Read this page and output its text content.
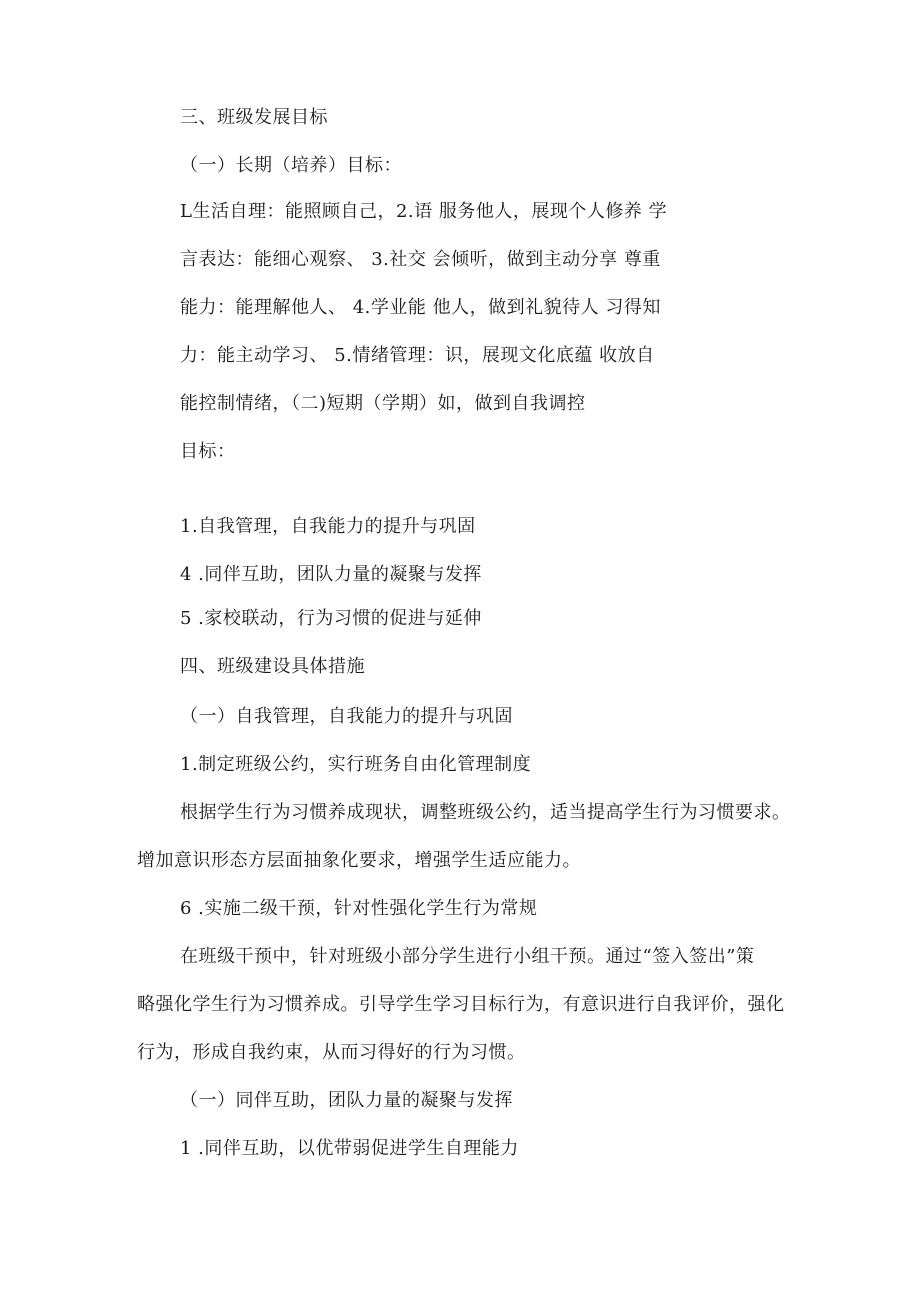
三、班级发展目标
（一）长期（培养）目标：
L生活自理：能照顾自己，2.语 服务他人，展现个人修养 学
言表达：能细心观察、 3.社交 会倾听，做到主动分享 尊重
能力：能理解他人、 4.学业能 他人，做到礼貌待人 习得知
力：能主动学习、 5.情绪管理：识，展现文化底蕴 收放自
能控制情绪，（二)短期（学期）如，做到自我调控
目标：
1.自我管理，自我能力的提升与巩固
4 .同伴互助，团队力量的凝聚与发挥
5 .家校联动，行为习惯的促进与延伸
四、班级建设具体措施
（一）自我管理，自我能力的提升与巩固
1.制定班级公约，实行班务自由化管理制度
根据学生行为习惯养成现状，调整班级公约，适当提高学生行为习惯要求。
增加意识形态方层面抽象化要求，增强学生适应能力。
6 .实施二级干预，针对性强化学生行为常规
在班级干预中，针对班级小部分学生进行小组干预。通过“签入签出”策
略强化学生行为习惯养成。引导学生学习目标行为，有意识进行自我评价，强化
行为，形成自我约束，从而习得好的行为习惯。
（一）同伴互助，团队力量的凝聚与发挥
1 .同伴互助，以优带弱促进学生自理能力
